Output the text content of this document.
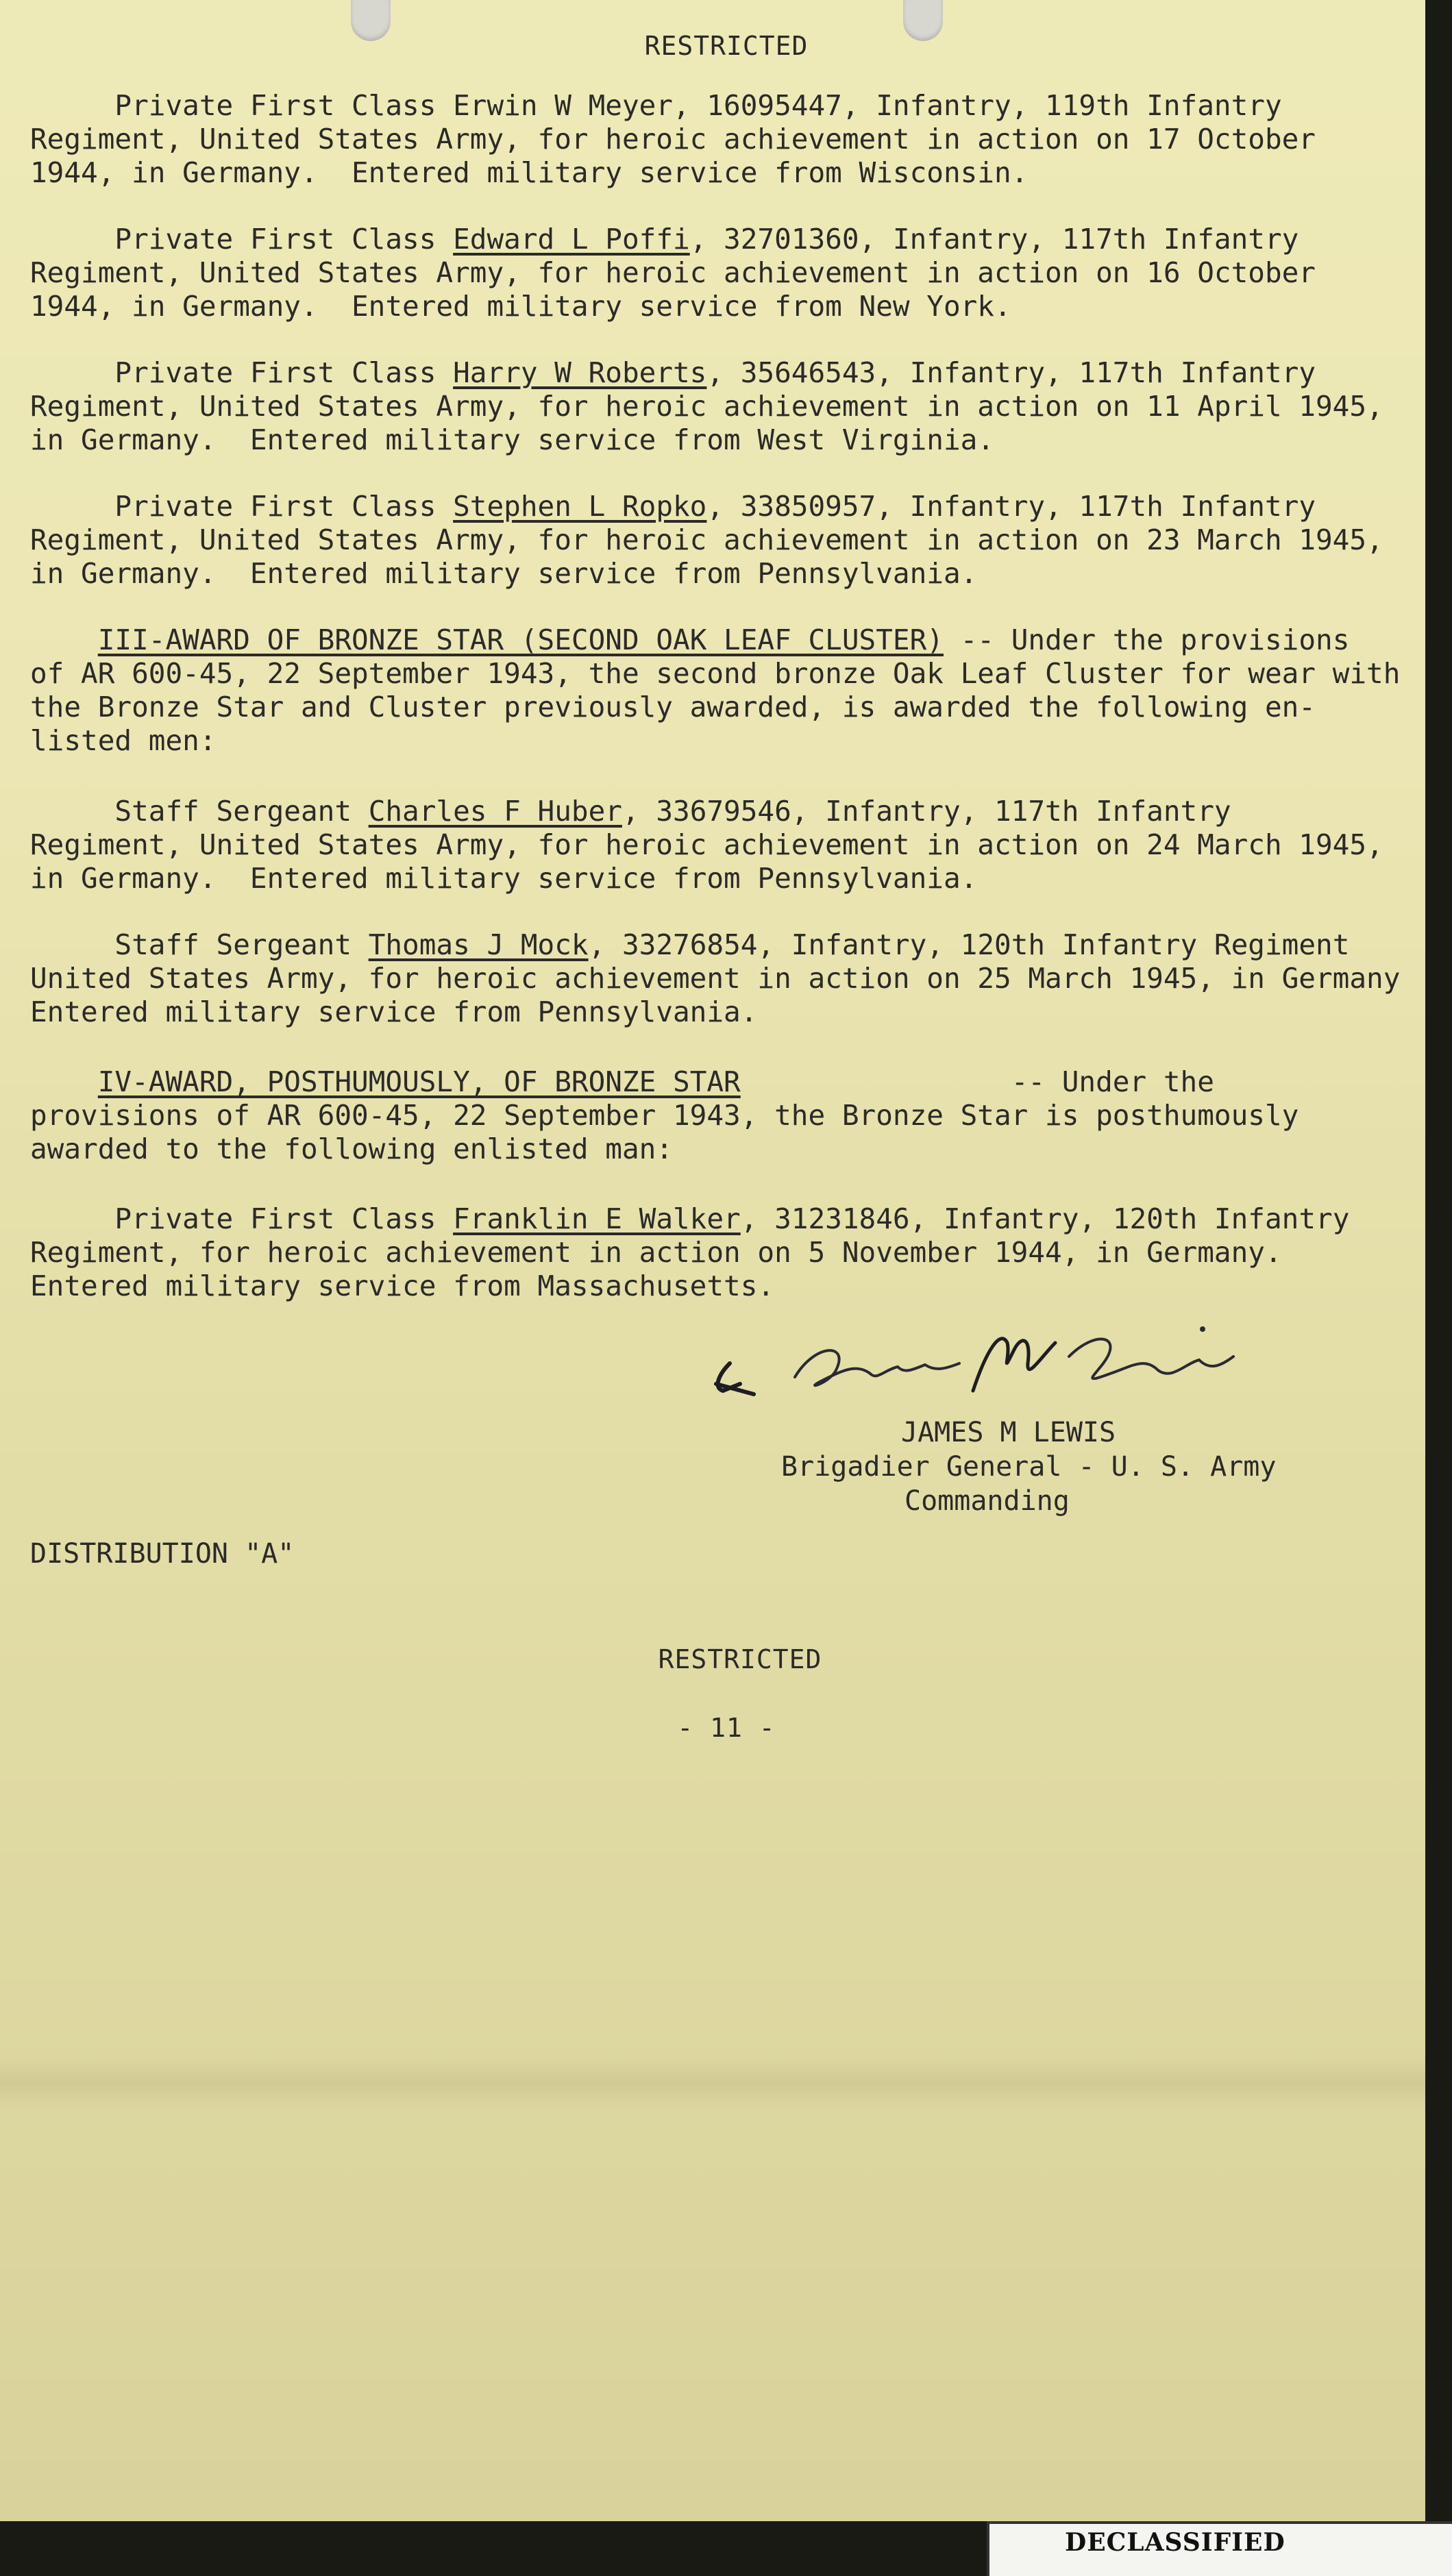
RESTRICTED
Private First Class Erwin W Meyer, 16095447, Infantry, 119th Infantry
Regiment, United States Army, for heroic achievement in action on 17 October
1944, in Germany.  Entered military service from Wisconsin.
Private First Class Edward L Poffi, 32701360, Infantry, 117th Infantry
Regiment, United States Army, for heroic achievement in action on 16 October
1944, in Germany.  Entered military service from New York.
Private First Class Harry W Roberts, 35646543, Infantry, 117th Infantry
Regiment, United States Army, for heroic achievement in action on 11 April 1945,
in Germany.  Entered military service from West Virginia.
Private First Class Stephen L Ropko, 33850957, Infantry, 117th Infantry
Regiment, United States Army, for heroic achievement in action on 23 March 1945,
in Germany.  Entered military service from Pennsylvania.
III-AWARD OF BRONZE STAR (SECOND OAK LEAF CLUSTER) -- Under the provisions
of AR 600-45, 22 September 1943, the second bronze Oak Leaf Cluster for wear with
the Bronze Star and Cluster previously awarded, is awarded the following en-
listed men:
Staff Sergeant Charles F Huber, 33679546, Infantry, 117th Infantry
Regiment, United States Army, for heroic achievement in action on 24 March 1945,
in Germany.  Entered military service from Pennsylvania.
Staff Sergeant Thomas J Mock, 33276854, Infantry, 120th Infantry Regiment
United States Army, for heroic achievement in action on 25 March 1945, in Germany
Entered military service from Pennsylvania.
IV-AWARD, POSTHUMOUSLY, OF BRONZE STAR                -- Under the
provisions of AR 600-45, 22 September 1943, the Bronze Star is posthumously
awarded to the following enlisted man:
Private First Class Franklin E Walker, 31231846, Infantry, 120th Infantry
Regiment, for heroic achievement in action on 5 November 1944, in Germany.
Entered military service from Massachusetts.
JAMES M LEWIS
Brigadier General - U. S. Army
Commanding
DISTRIBUTION "A"
RESTRICTED
- 11 -
DECLASSIFIED
